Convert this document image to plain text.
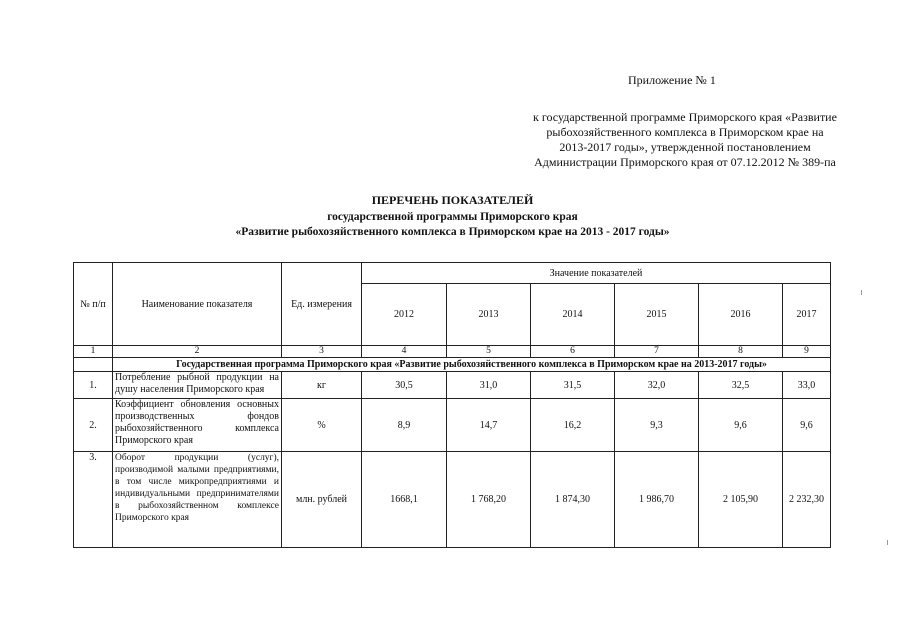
Приложение № 1
к государственной программе Приморского края «Развитие
рыбохозяйственного комплекса в Приморском крае на
2013-2017 годы», утвержденной постановлением
Администрации Приморского края от 07.12.2012 № 389-па
ПЕРЕЧЕНЬ ПОКАЗАТЕЛЕЙ
государственной программы Приморского края
«Развитие рыбохозяйственного комплекса в Приморском крае на 2013 - 2017 годы»
№ п/п	Наименование показателя	Ед. измерения	Значение показателей					
			2012	2013	2014	2015	2016	2017
1	2	3	4	5	6	7	8	9
	Государственная программа Приморского края «Развитие рыбохозяйственного комплекса в Приморском крае на 2013-2017 годы»							
1.	Потребление рыбной продукции на душу населения Приморского края	кг	30,5	31,0	31,5	32,0	32,5	33,0
2.	Коэффициент обновления основных производственных фондов рыбохозяйственного комплекса Приморского края	%	8,9	14,7	16,2	9,3	9,6	9,6
3.	Оборот продукции (услуг), производимой малыми предприятиями, в том числе микропредприятиями и индивидуальными предпринимателями в рыбохозяйственном комплексе Приморского края	млн. рублей	1668,1	1 768,20	1 874,30	1 986,70	2 105,90	2 232,30
